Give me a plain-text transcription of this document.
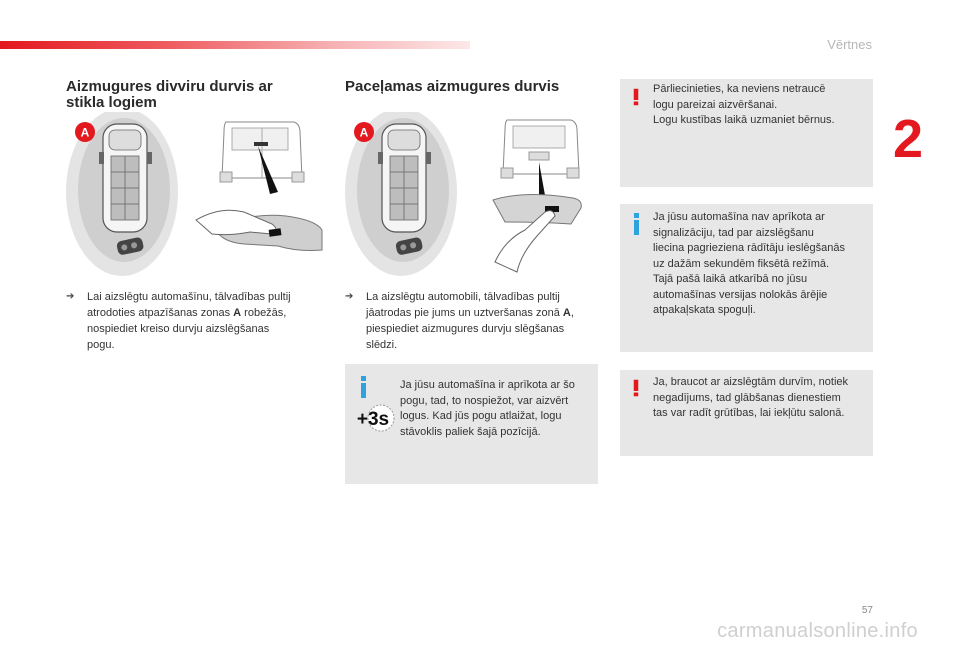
Vērtnes
2
Aizmugures divviru durvis ar
stikla logiem
A
➔ Lai aizslēgtu automašīnu, tālvadības pultij
atrodoties atpazīšanas zonas A robežās,
nospiediet kreiso durvju aizslēgšanas
pogu.
Paceļamas aizmugures durvis
A
➔ La aizslēgtu automobili, tālvadības pultij
jāatrodas pie jums un uztveršanas zonā A,
piespiediet aizmugures durvju slēgšanas
slēdzi.
+3s
Ja jūsu automašīna ir aprīkota ar šo
pogu, tad, to nospiežot, var aizvērt
logus. Kad jūs pogu atlaižat, logu
stāvoklis paliek šajā pozīcijā.
Pārliecinieties, ka neviens netraucē
logu pareizai aizvēršanai.
Logu kustības laikā uzmaniet bērnus.
Ja jūsu automašīna nav aprīkota ar
signalizāciju, tad par aizslēgšanu
liecina pagrieziena rādītāju ieslēgšanās
uz dažām sekundēm fiksētā režīmā.
Tajā pašā laikā atkarībā no jūsu
automašīnas versijas nolokās ārējie
atpakaļskata spoguļi.
Ja, braucot ar aizslēgtām durvīm, notiek
negadījums, tad glābšanas dienestiem
tas var radīt grūtības, lai iekļūtu salonā.
57
carmanualsonline.info
